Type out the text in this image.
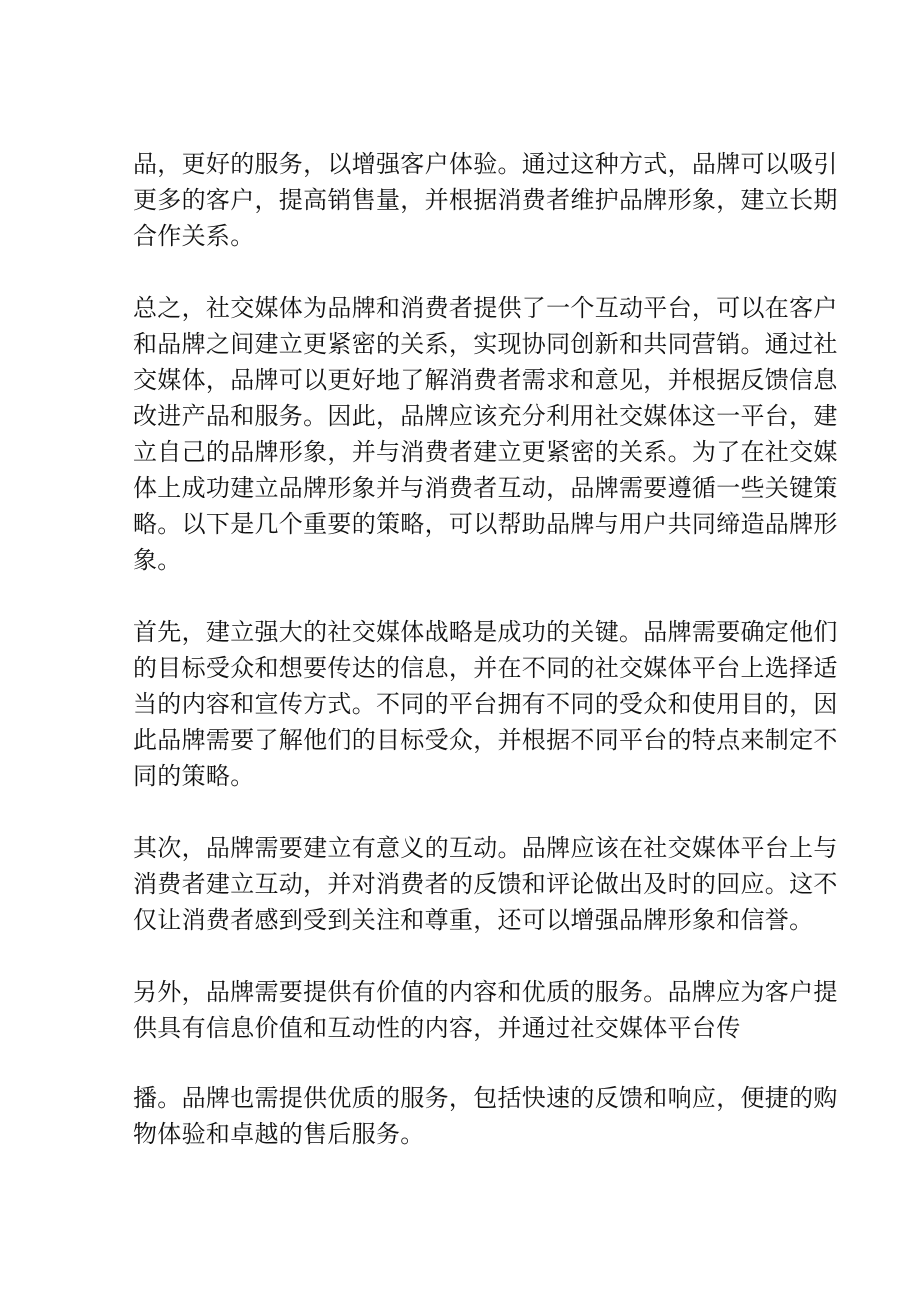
品，更好的服务，以增强客户体验。通过这种方式，品牌可以吸引
更多的客户，提高销售量，并根据消费者维护品牌形象，建立长期
合作关系。
总之，社交媒体为品牌和消费者提供了一个互动平台，可以在客户
和品牌之间建立更紧密的关系，实现协同创新和共同营销。通过社
交媒体，品牌可以更好地了解消费者需求和意见，并根据反馈信息
改进产品和服务。因此，品牌应该充分利用社交媒体这一平台，建
立自己的品牌形象，并与消费者建立更紧密的关系。为了在社交媒
体上成功建立品牌形象并与消费者互动，品牌需要遵循一些关键策
略。以下是几个重要的策略，可以帮助品牌与用户共同缔造品牌形
象。
首先，建立强大的社交媒体战略是成功的关键。品牌需要确定他们
的目标受众和想要传达的信息，并在不同的社交媒体平台上选择适
当的内容和宣传方式。不同的平台拥有不同的受众和使用目的，因
此品牌需要了解他们的目标受众，并根据不同平台的特点来制定不
同的策略。
其次，品牌需要建立有意义的互动。品牌应该在社交媒体平台上与
消费者建立互动，并对消费者的反馈和评论做出及时的回应。这不
仅让消费者感到受到关注和尊重，还可以增强品牌形象和信誉。
另外，品牌需要提供有价值的内容和优质的服务。品牌应为客户提
供具有信息价值和互动性的内容，并通过社交媒体平台传
播。品牌也需提供优质的服务，包括快速的反馈和响应，便捷的购
物体验和卓越的售后服务。
